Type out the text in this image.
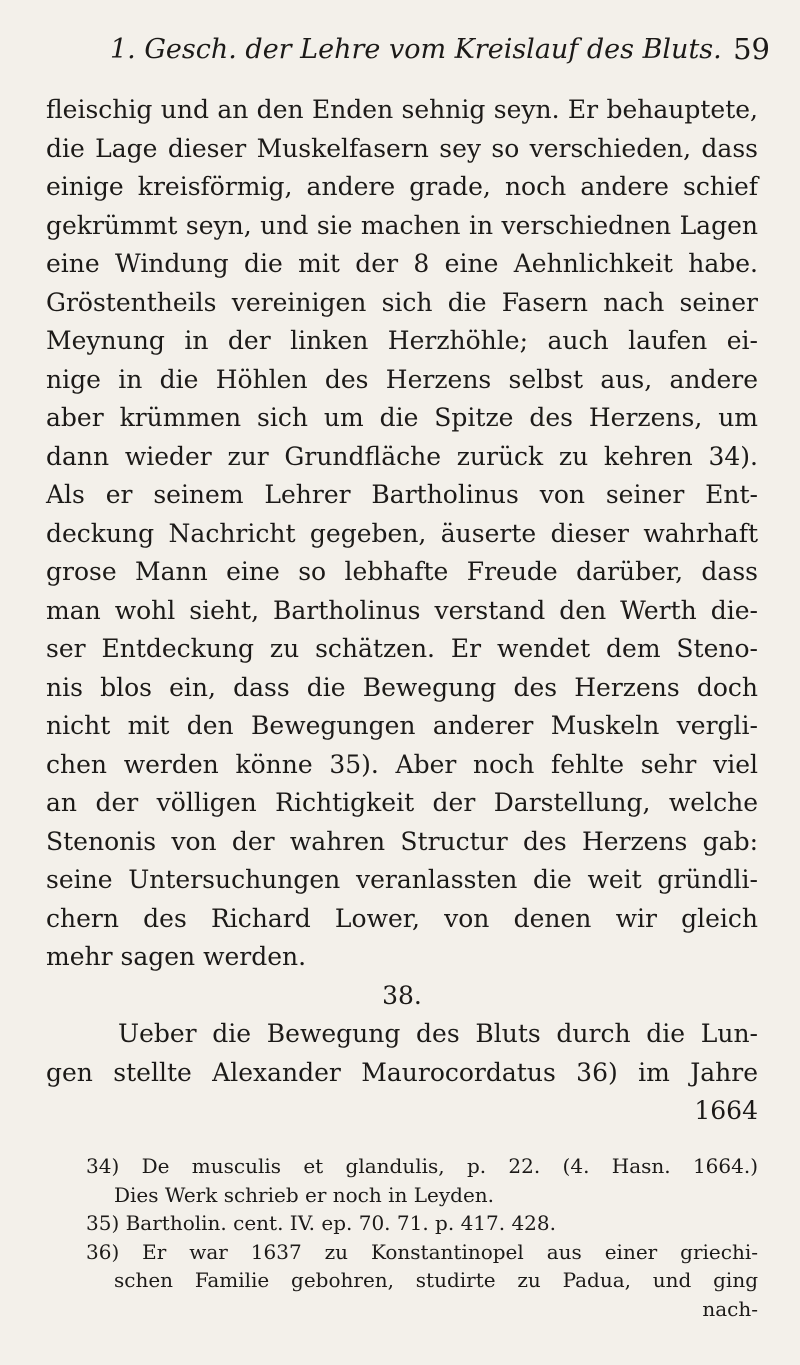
1. Gesch. der Lehre vom Kreislauf des Bluts. 59
fleischig und an den Enden sehnig seyn. Er behauptete,
die Lage dieser Muskelfasern sey so verschieden, dass
einige kreisförmig, andere grade, noch andere schief
gekrümmt seyn, und sie machen in verschiednen Lagen
eine Windung die mit der 8 eine Aehnlichkeit habe.
Gröstentheils vereinigen sich die Fasern nach seiner
Meynung in der linken Herzhöhle; auch laufen ei-
nige in die Höhlen des Herzens selbst aus, andere
aber krümmen sich um die Spitze des Herzens, um
dann wieder zur Grundfläche zurück zu kehren 34).
Als er seinem Lehrer Bartholinus von seiner Ent-
deckung Nachricht gegeben, äuserte dieser wahrhaft
grose Mann eine so lebhafte Freude darüber, dass
man wohl sieht, Bartholinus verstand den Werth die-
ser Entdeckung zu schätzen. Er wendet dem Steno-
nis blos ein, dass die Bewegung des Herzens doch
nicht mit den Bewegungen anderer Muskeln vergli-
chen werden könne 35). Aber noch fehlte sehr viel
an der völligen Richtigkeit der Darstellung, welche
Stenonis von der wahren Structur des Herzens gab:
seine Untersuchungen veranlassten die weit gründli-
chern des Richard Lower, von denen wir gleich
mehr sagen werden.
38.
Ueber die Bewegung des Bluts durch die Lun-
gen stellte Alexander Maurocordatus 36) im Jahre
1664
34) De musculis et glandulis, p. 22. (4. Hasn. 1664.)
Dies Werk schrieb er noch in Leyden.
35) Bartholin. cent. IV. ep. 70. 71. p. 417. 428.
36) Er war 1637 zu Konstantinopel aus einer griechi-
schen Familie gebohren, studirte zu Padua, und ging
nach-
